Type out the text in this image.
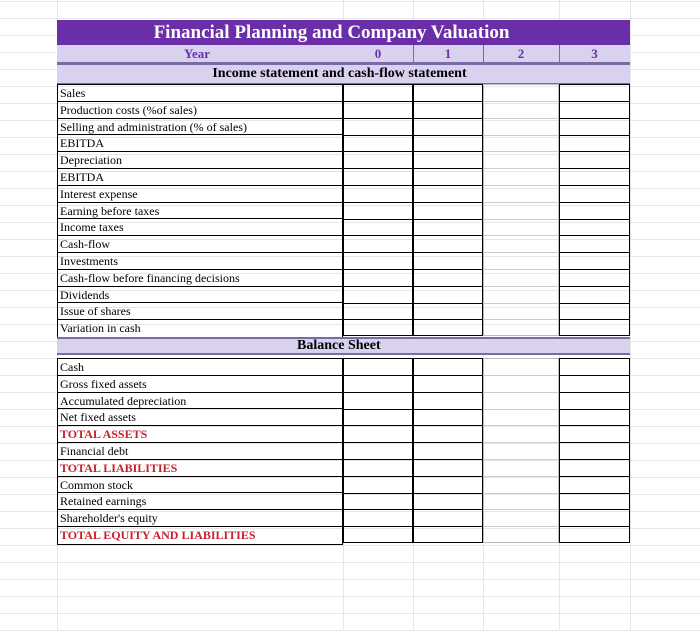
Financial Planning and Company Valuation
Year	0	1	2	3
Income statement and cash-flow statement
Sales
Production costs (%of sales)
Selling and administration (% of sales)
EBITDA
Depreciation
EBITDA
Interest expense
Earning before taxes
Income taxes
Cash-flow
Investments
Cash-flow before financing decisions
Dividends
Issue of shares
Variation in cash
Balance Sheet
Cash
Gross fixed assets
Accumulated depreciation
Net fixed assets
TOTAL ASSETS
Financial debt
TOTAL LIABILITIES
Common stock
Retained earnings
Shareholder's equity
TOTAL EQUITY AND LIABILITIES
